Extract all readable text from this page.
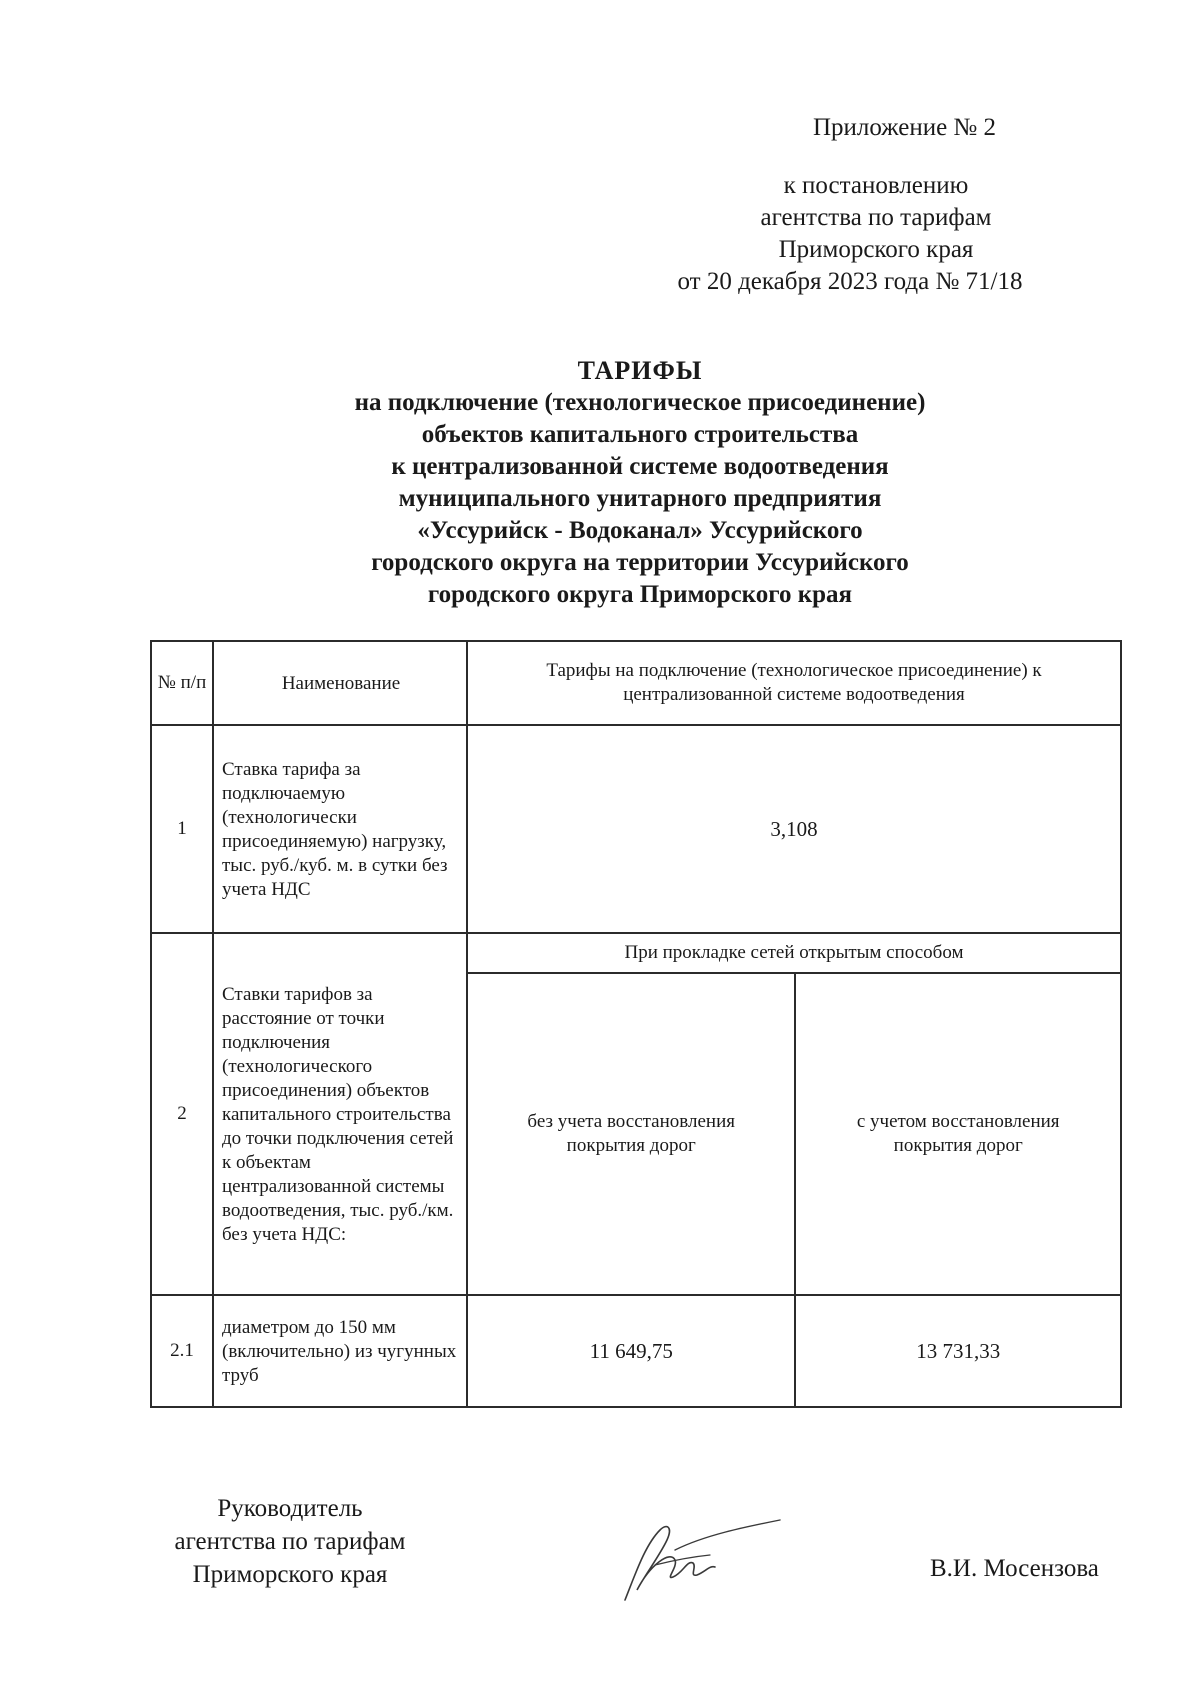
Приложение № 2
к постановлению
агентства по тарифам
Приморского края
от 20 декабря 2023 года № 71/18
ТАРИФЫ
на подключение (технологическое присоединение)
объектов капитального строительства
к централизованной системе водоотведения
муниципального унитарного предприятия
«Уссурийск - Водоканал» Уссурийского
городского округа на территории Уссурийского
городского округа Приморского края
№ п/п	Наименование	Тарифы на подключение (технологическое присоединение) к централизованной системе водоотведения	
1	Ставка тарифа за подключаемую (технологически присоединяемую) нагрузку, тыс. руб./куб. м. в сутки без учета НДС	3,108	
2	Ставки тарифов за расстояние от точки подключения (технологического присоединения) объектов капитального строительства до точки подключения сетей к объектам централизованной системы водоотведения, тыс. руб./км. без учета НДС:	При прокладке сетей открытым способом	
		без учета восстановления покрытия дорог	с учетом восстановления покрытия дорог
2.1	диаметром до 150 мм (включительно) из чугунных труб	11 649,75	13 731,33
Руководитель
агентства по тарифам
Приморского края	В.И. Мосензова
